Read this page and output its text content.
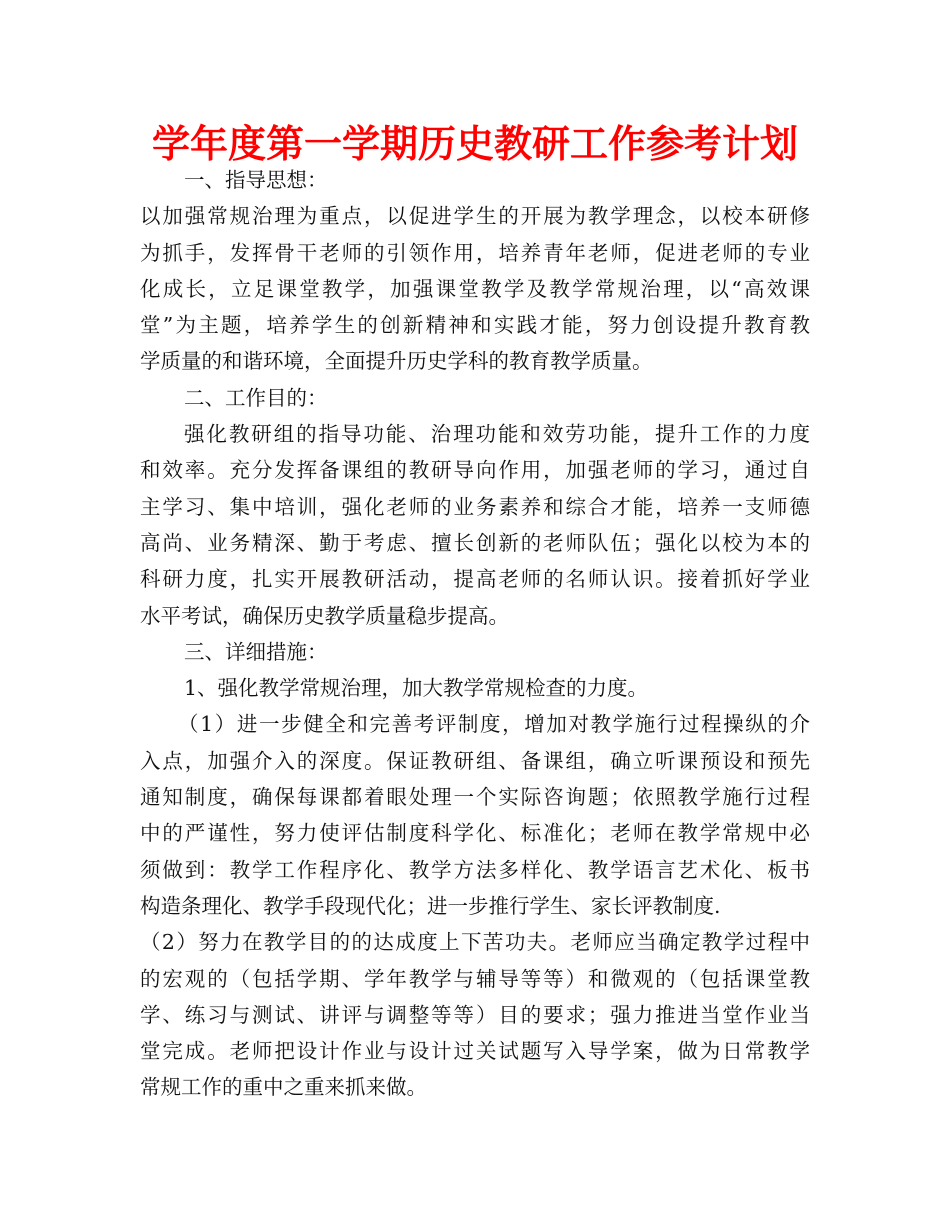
学年度第一学期历史教研工作参考计划
一、指导思想：
以加强常规治理为重点，以促进学生的开展为教学理念，以校本研修
为抓手，发挥骨干老师的引领作用，培养青年老师，促进老师的专业
化成长，立足课堂教学，加强课堂教学及教学常规治理，以“高效课
堂”为主题，培养学生的创新精神和实践才能，努力创设提升教育教
学质量的和谐环境，全面提升历史学科的教育教学质量。
二、工作目的：
强化教研组的指导功能、治理功能和效劳功能，提升工作的力度
和效率。充分发挥备课组的教研导向作用，加强老师的学习，通过自
主学习、集中培训，强化老师的业务素养和综合才能，培养一支师德
高尚、业务精深、勤于考虑、擅长创新的老师队伍；强化以校为本的
科研力度，扎实开展教研活动，提高老师的名师认识。接着抓好学业
水平考试，确保历史教学质量稳步提高。
三、详细措施：
1、强化教学常规治理，加大教学常规检查的力度。
（1）进一步健全和完善考评制度，增加对教学施行过程操纵的介
入点，加强介入的深度。保证教研组、备课组，确立听课预设和预先
通知制度，确保每课都着眼处理一个实际咨询题；依照教学施行过程
中的严谨性，努力使评估制度科学化、标准化；老师在教学常规中必
须做到：教学工作程序化、教学方法多样化、教学语言艺术化、板书
构造条理化、教学手段现代化；进一步推行学生、家长评教制度.
（2）努力在教学目的的达成度上下苦功夫。老师应当确定教学过程中
的宏观的（包括学期、学年教学与辅导等等）和微观的（包括课堂教
学、练习与测试、讲评与调整等等）目的要求；强力推进当堂作业当
堂完成。老师把设计作业与设计过关试题写入导学案，做为日常教学
常规工作的重中之重来抓来做。
